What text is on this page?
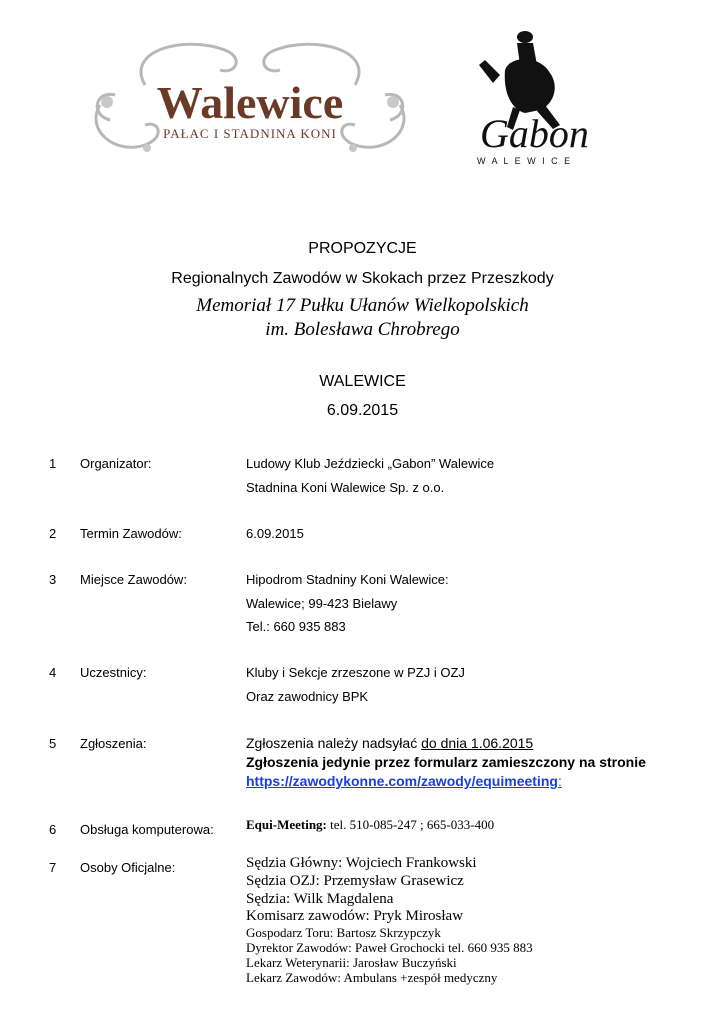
Walewice
PAŁAC I STADNINA KONI	Gabon
W A L E W I C E
PROPOZYCJE
Regionalnych Zawodów w Skokach przez Przeszkody
Memoriał 17 Pułku Ułanów Wielkopolskich
im. Bolesława Chrobrego
WALEWICE
6.09.2015
1 Organizator:	Ludowy Klub Jeździecki „Gabon” Walewice
Stadnina Koni Walewice Sp. z o.o.
2 Termin Zawodów:	6.09.2015
3 Miejsce Zawodów:	Hipodrom Stadniny Koni Walewice:
Walewice; 99-423 Bielawy
Tel.: 660 935 883
4 Uczestnicy:	Kluby i Sekcje zrzeszone w PZJ i OZJ
Oraz zawodnicy BPK
5 Zgłoszenia:	Zgłoszenia należy nadsyłać do dnia 1.06.2015
Zgłoszenia jedynie przez formularz zamieszczony na stronie
https://zawodykonne.com/zawody/equimeeting:
6 Obsługa komputerowa: Equi-Meeting: tel. 510-085-247 ; 665-033-400
7 Osoby Oficjalne:	Sędzia Główny: Wojciech Frankowski
Sędzia OZJ: Przemysław Grasewicz
Sędzia: Wilk Magdalena
Komisarz zawodów: Pryk Mirosław
Gospodarz Toru: Bartosz Skrzypczyk
Dyrektor Zawodów: Paweł Grochocki tel. 660 935 883
Lekarz Weterynarii: Jarosław Buczyński
Lekarz Zawodów: Ambulans +zespół medyczny
